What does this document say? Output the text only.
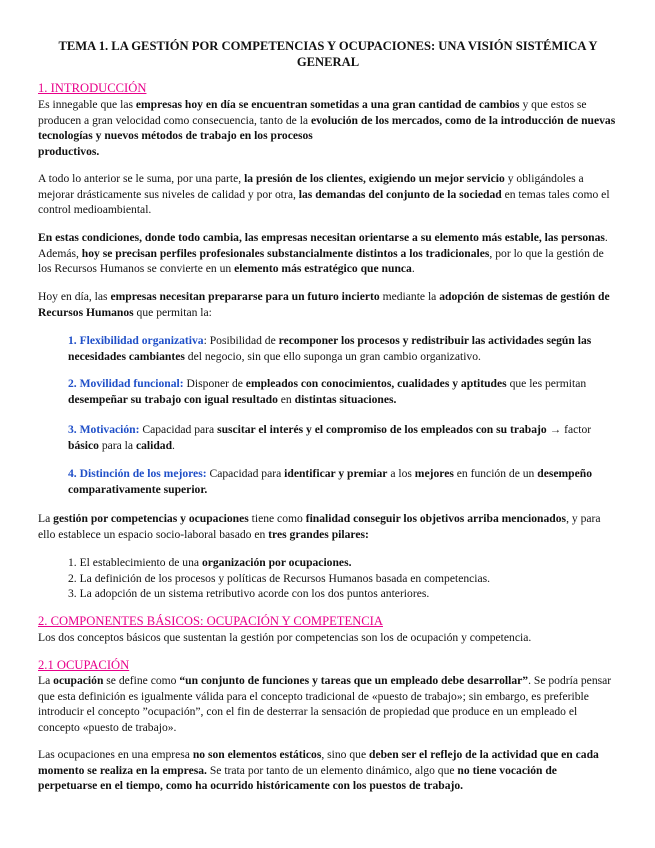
TEMA 1. LA GESTIÓN POR COMPETENCIAS Y OCUPACIONES: UNA VISIÓN SISTÉMICA Y
GENERAL
1. INTRODUCCIÓN

Es innegable que las empresas hoy en día se encuentran sometidas a una gran cantidad de cambios y que estos se producen a gran velocidad como consecuencia, tanto de la evolución de los mercados, como de la introducción de nuevas tecnologías y nuevos métodos de trabajo en los procesos

productivos.

A todo lo anterior se le suma, por una parte, la presión de los clientes, exigiendo un mejor servicio y obligándoles a mejorar drásticamente sus niveles de calidad y por otra, las demandas del conjunto de la sociedad en temas tales como el control medioambiental.

En estas condiciones, donde todo cambia, las empresas necesitan orientarse a su elemento más estable, las personas. Además, hoy se precisan perfiles profesionales substancialmente distintos a los tradicionales, por lo que la gestión de los Recursos Humanos se convierte en un elemento más estratégico que nunca.

Hoy en día, las empresas necesitan prepararse para un futuro incierto mediante la adopción de sistemas de gestión de Recursos Humanos que permitan la:

1. Flexibilidad organizativa: Posibilidad de recomponer los procesos y redistribuir las actividades según las necesidades cambiantes del negocio, sin que ello suponga un gran cambio organizativo.
2. Movilidad funcional: Disponer de empleados con conocimientos, cualidades y aptitudes que les permitan desempeñar su trabajo con igual resultado en distintas situaciones.
3. Motivación: Capacidad para suscitar el interés y el compromiso de los empleados con su trabajo → factor básico para la calidad.
4. Distinción de los mejores: Capacidad para identificar y premiar a los mejores en función de un desempeño comparativamente superior.

La gestión por competencias y ocupaciones tiene como finalidad conseguir los objetivos arriba mencionados, y para ello establece un espacio socio-laboral basado en tres grandes pilares:

1. El establecimiento de una organización por ocupaciones.
2. La definición de los procesos y políticas de Recursos Humanos basada en competencias.
3. La adopción de un sistema retributivo acorde con los dos puntos anteriores.
2. COMPONENTES BÁSICOS: OCUPACIÓN Y COMPETENCIA
Los dos conceptos básicos que sustentan la gestión por competencias son los de ocupación y competencia.
2.1 OCUPACIÓN

La ocupación se define como “un conjunto de funciones y tareas que un empleado debe desarrollar”. Se podría pensar que esta definición es igualmente válida para el concepto tradicional de «puesto de trabajo»; sin embargo, es preferible introducir el concepto ”ocupación”, con el fin de desterrar la sensación de propiedad que produce en un empleado el concepto «puesto de trabajo».

Las ocupaciones en una empresa no son elementos estáticos, sino que deben ser el reflejo de la actividad que en cada momento se realiza en la empresa. Se trata por tanto de un elemento dinámico, algo que no tiene vocación de perpetuarse en el tiempo, como ha ocurrido históricamente con los puestos de trabajo.
